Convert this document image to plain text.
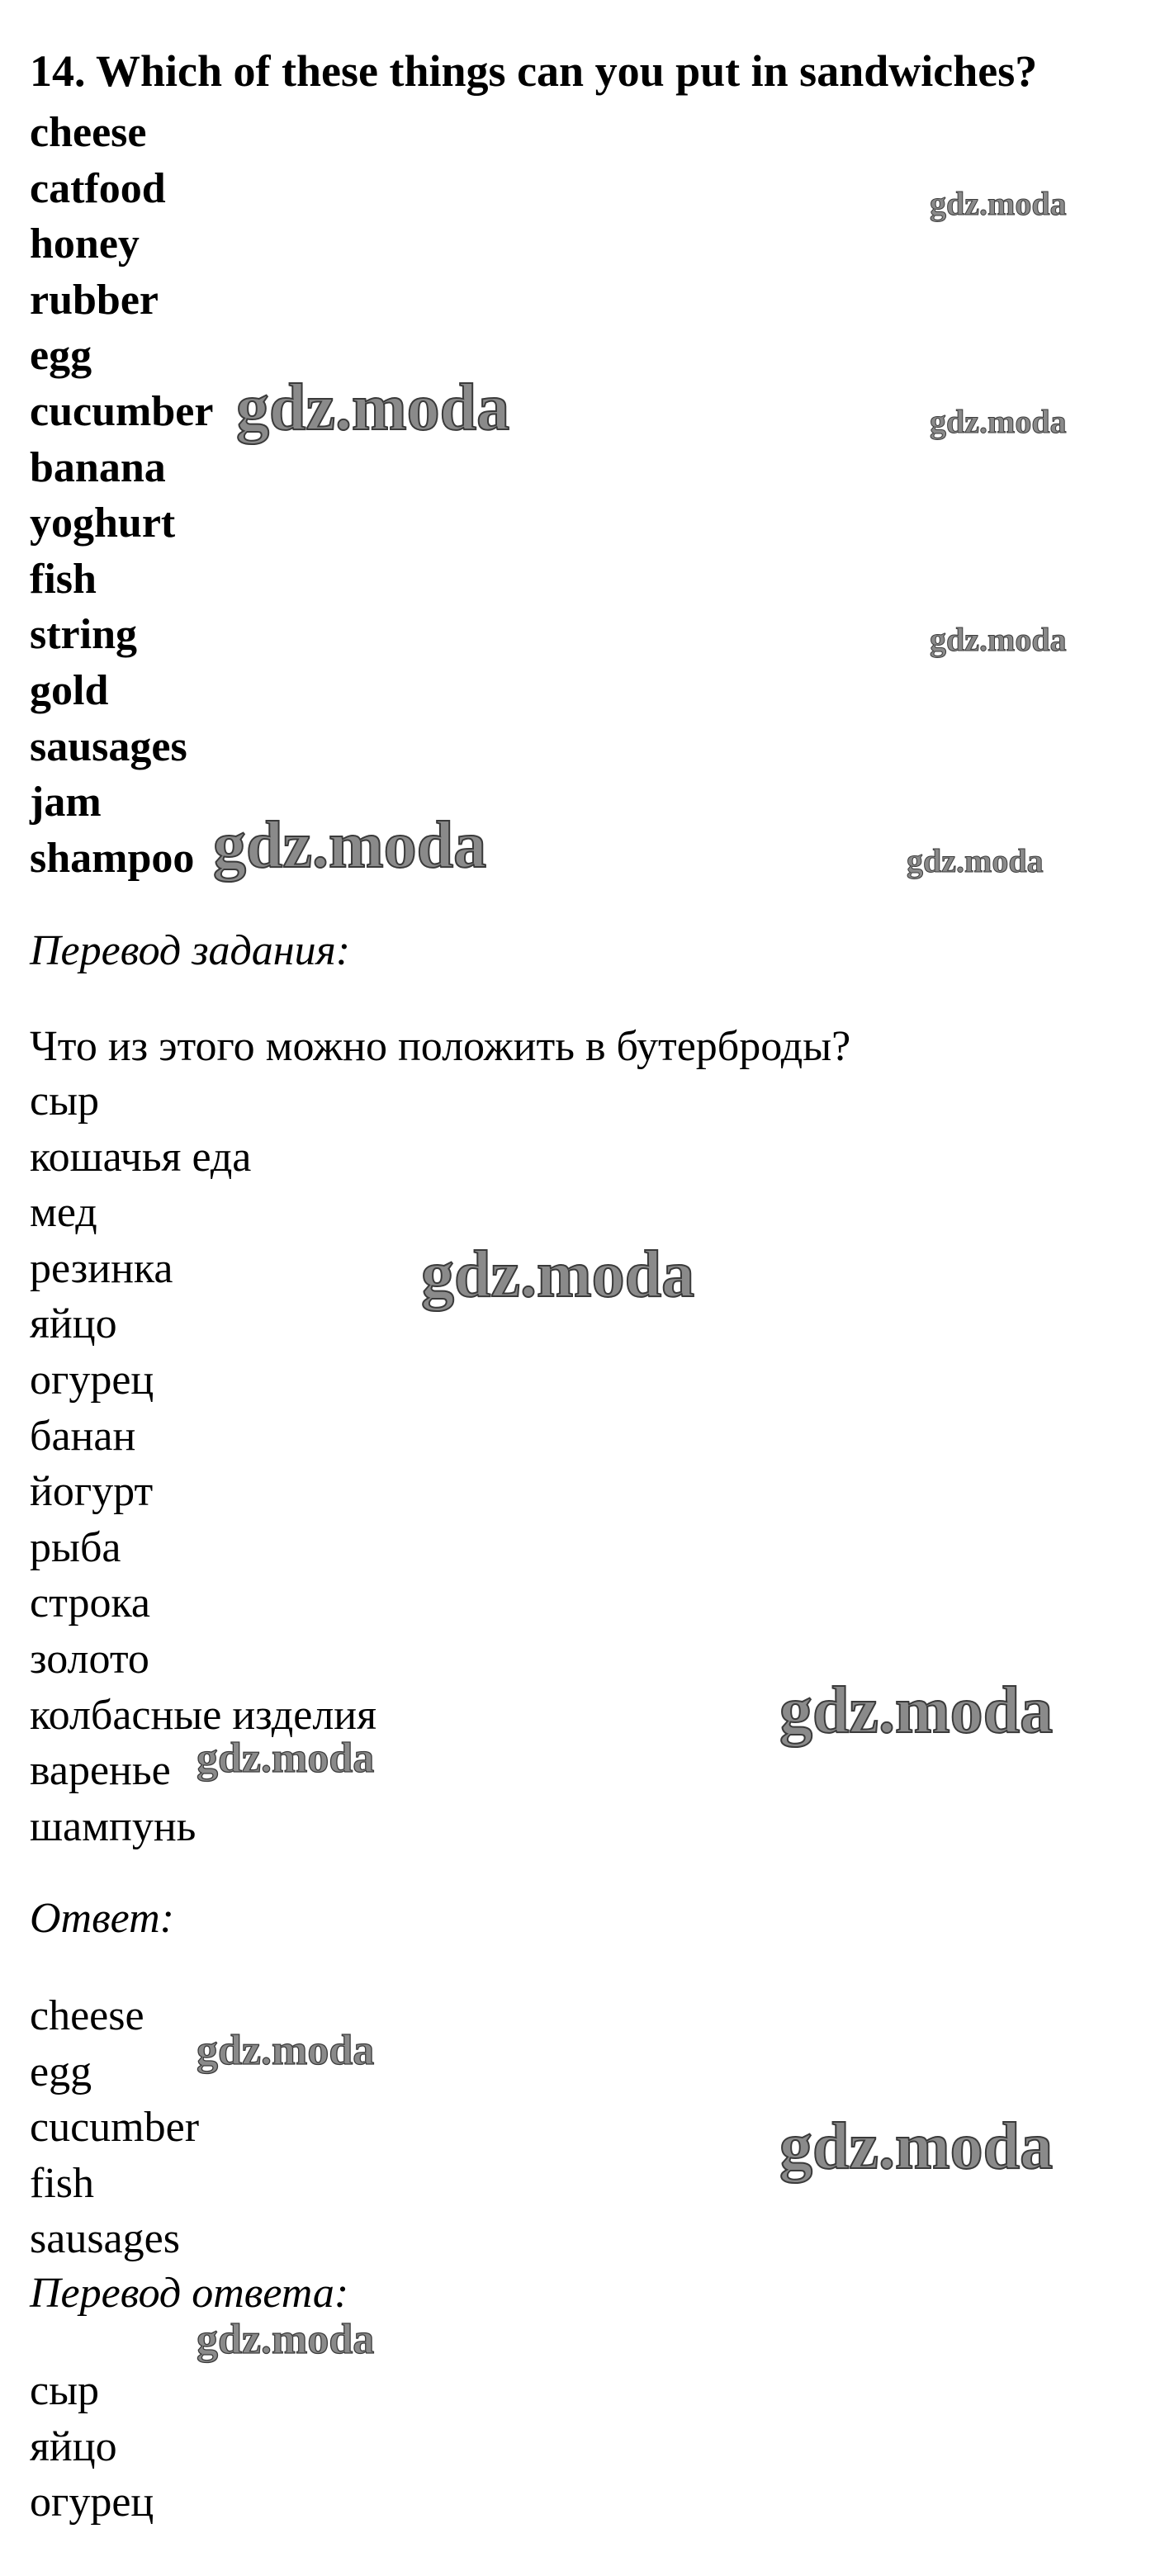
14. Which of these things can you put in sandwiches?
cheese
catfood
honey
rubber
egg
cucumber
banana
yoghurt
fish
string
gold
sausages
jam
shampoo
Перевод задания:
Что из этого можно положить в бутерброды?
сыр
кошачья еда
мед
резинка
яйцо
огурец
банан
йогурт
рыба
строка
золото
колбасные изделия
варенье
шампунь
Ответ:
cheese
egg
cucumber
fish
sausages
Перевод ответа:
сыр
яйцо
огурец
gdz.moda
gdz.moda	gdz.moda
gdz.moda
gdz.moda	gdz.moda
gdz.moda
gdz.moda
gdz.moda
gdz.moda
gdz.moda
gdz.moda
